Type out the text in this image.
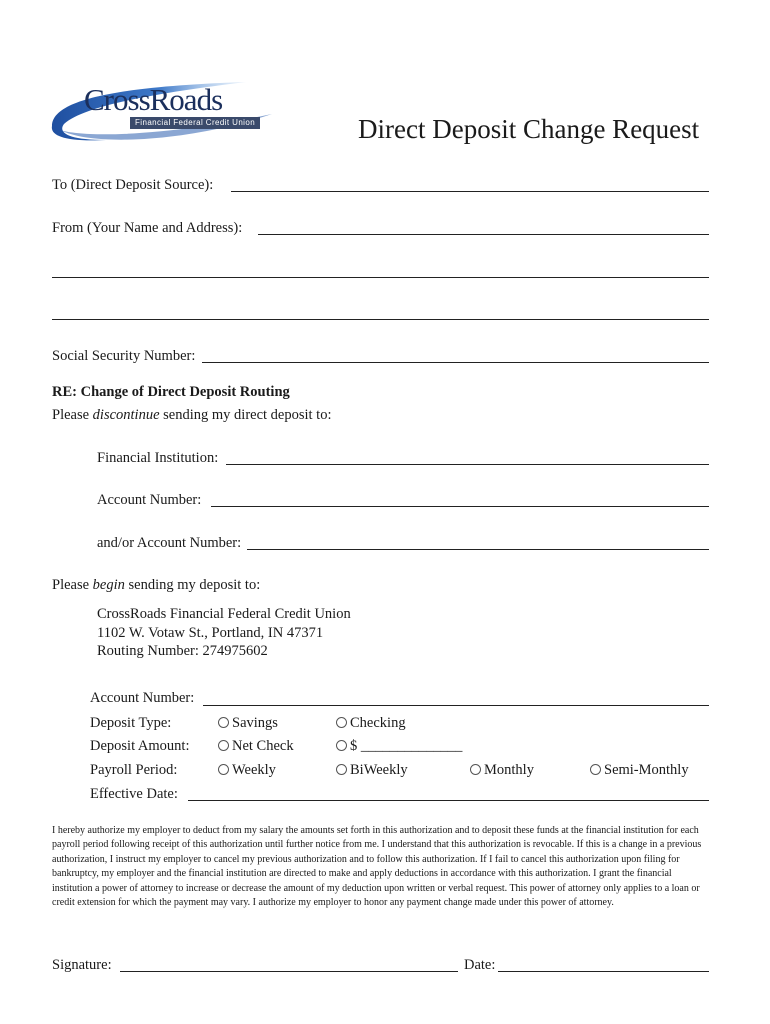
CrossRoads
Financial Federal Credit Union	Direct Deposit Change Request
To (Direct Deposit Source):
From (Your Name and Address):
Social Security Number:
RE: Change of Direct Deposit Routing
Please discontinue sending my direct deposit to:
Financial Institution:
Account Number:
and/or Account Number:
Please begin sending my deposit to:
CrossRoads Financial Federal Credit Union
1102 W. Votaw St., Portland, IN 47371
Routing Number: 274975602
Account Number:
Deposit Type:	Savings	Checking
Deposit Amount:	Net Check	$ ______________
Payroll Period:	Weekly	BiWeekly	Monthly	Semi-Monthly
Effective Date:
I hereby authorize my employer to deduct from my salary the amounts set forth in this authorization and to deposit these funds at the financial institution for each payroll period following receipt of this authorization until further notice from me. I understand that this authorization is revocable. If this is a change in a previous authorization, I instruct my employer to cancel my previous authorization and to follow this authorization. If I fail to cancel this authorization upon filing for bankruptcy, my employer and the financial institution are directed to make and apply deductions in accordance with this authorization. I grant the financial institution a power of attorney to increase or decrease the amount of my deduction upon written or verbal request. This power of attorney only applies to a loan or credit extension for which the payment may vary. I authorize my employer to honor any payment change made under this power of attorney.
Signature:	Date:
